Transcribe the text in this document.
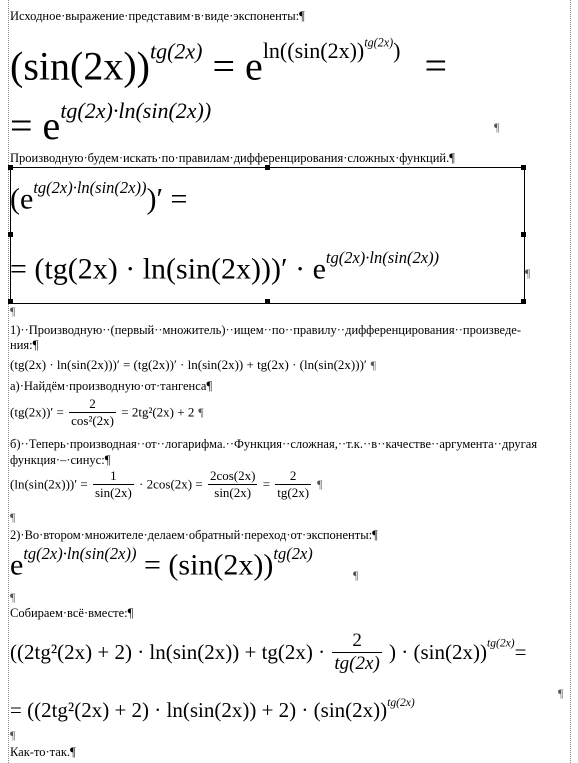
Исходное·выражение·представим·в·виде·экспоненты:¶
$(\sin(2x))^{tg(2x)} = e^{ln((sin(2x))^{tg(2x)})}$ =
= $e^{tg(2x)\cdot ln(sin(2x))}$
¶
Производную·будем·искать·по·правилам·дифференцирования·сложных·функций.¶
$(e^{tg(2x)\cdot ln(sin(2x))})'$ =
= $(tg(2x) \cdot \ln(\sin(2x)))' \cdot e^{tg(2x)\cdot ln(sin(2x))}$
¶
¶
1)··Производную··(первый··множитель)··ищем··по··правилу··дифференцирования··произведе-
ния:¶
(tg(2x) · ln(sin(2x)))′ = (tg(2x))′ · ln(sin(2x)) + tg(2x) · (ln(sin(2x)))′ ¶
а)·Найдём·производную·от·тангенса¶
$(tg(2x))' = \frac{2}{\text{cos²(2x)}} = 2tg^2(2x) + 2$ ¶
б)··Теперь·производная··от··логарифма.··Функция··сложная,··т.к.··в··качестве··аргумента··другая
функция·–·синус:¶
$(\ln(\sin(2x)))' = \frac{1}{\sin(2x)} \cdot 2\cos(2x) = \frac{2\cos(2x)}{\sin(2x)} = \frac{2}{tg(2x)}$ ¶
¶
2)·Во·втором·множителе·делаем·обратный·переход·от·экспоненты:¶
$e^{tg(2x)\cdot ln(sin(2x))} = (\sin(2x))^{tg(2x)}$
¶
¶
Собираем·всё·вместе:¶
($(2tg^2(2x) + 2) \cdot \ln(\sin(2x)) + tg(2x) \cdot \frac{2}{tg(2x)}$ ) · $(\sin(2x))^{tg(2x)}=$
¶
= $((2tg^2(2x) + 2) \cdot \ln(\sin(2x)) + 2) \cdot (\sin(2x))^{tg(2x)}$
¶
Как-то·так.¶
